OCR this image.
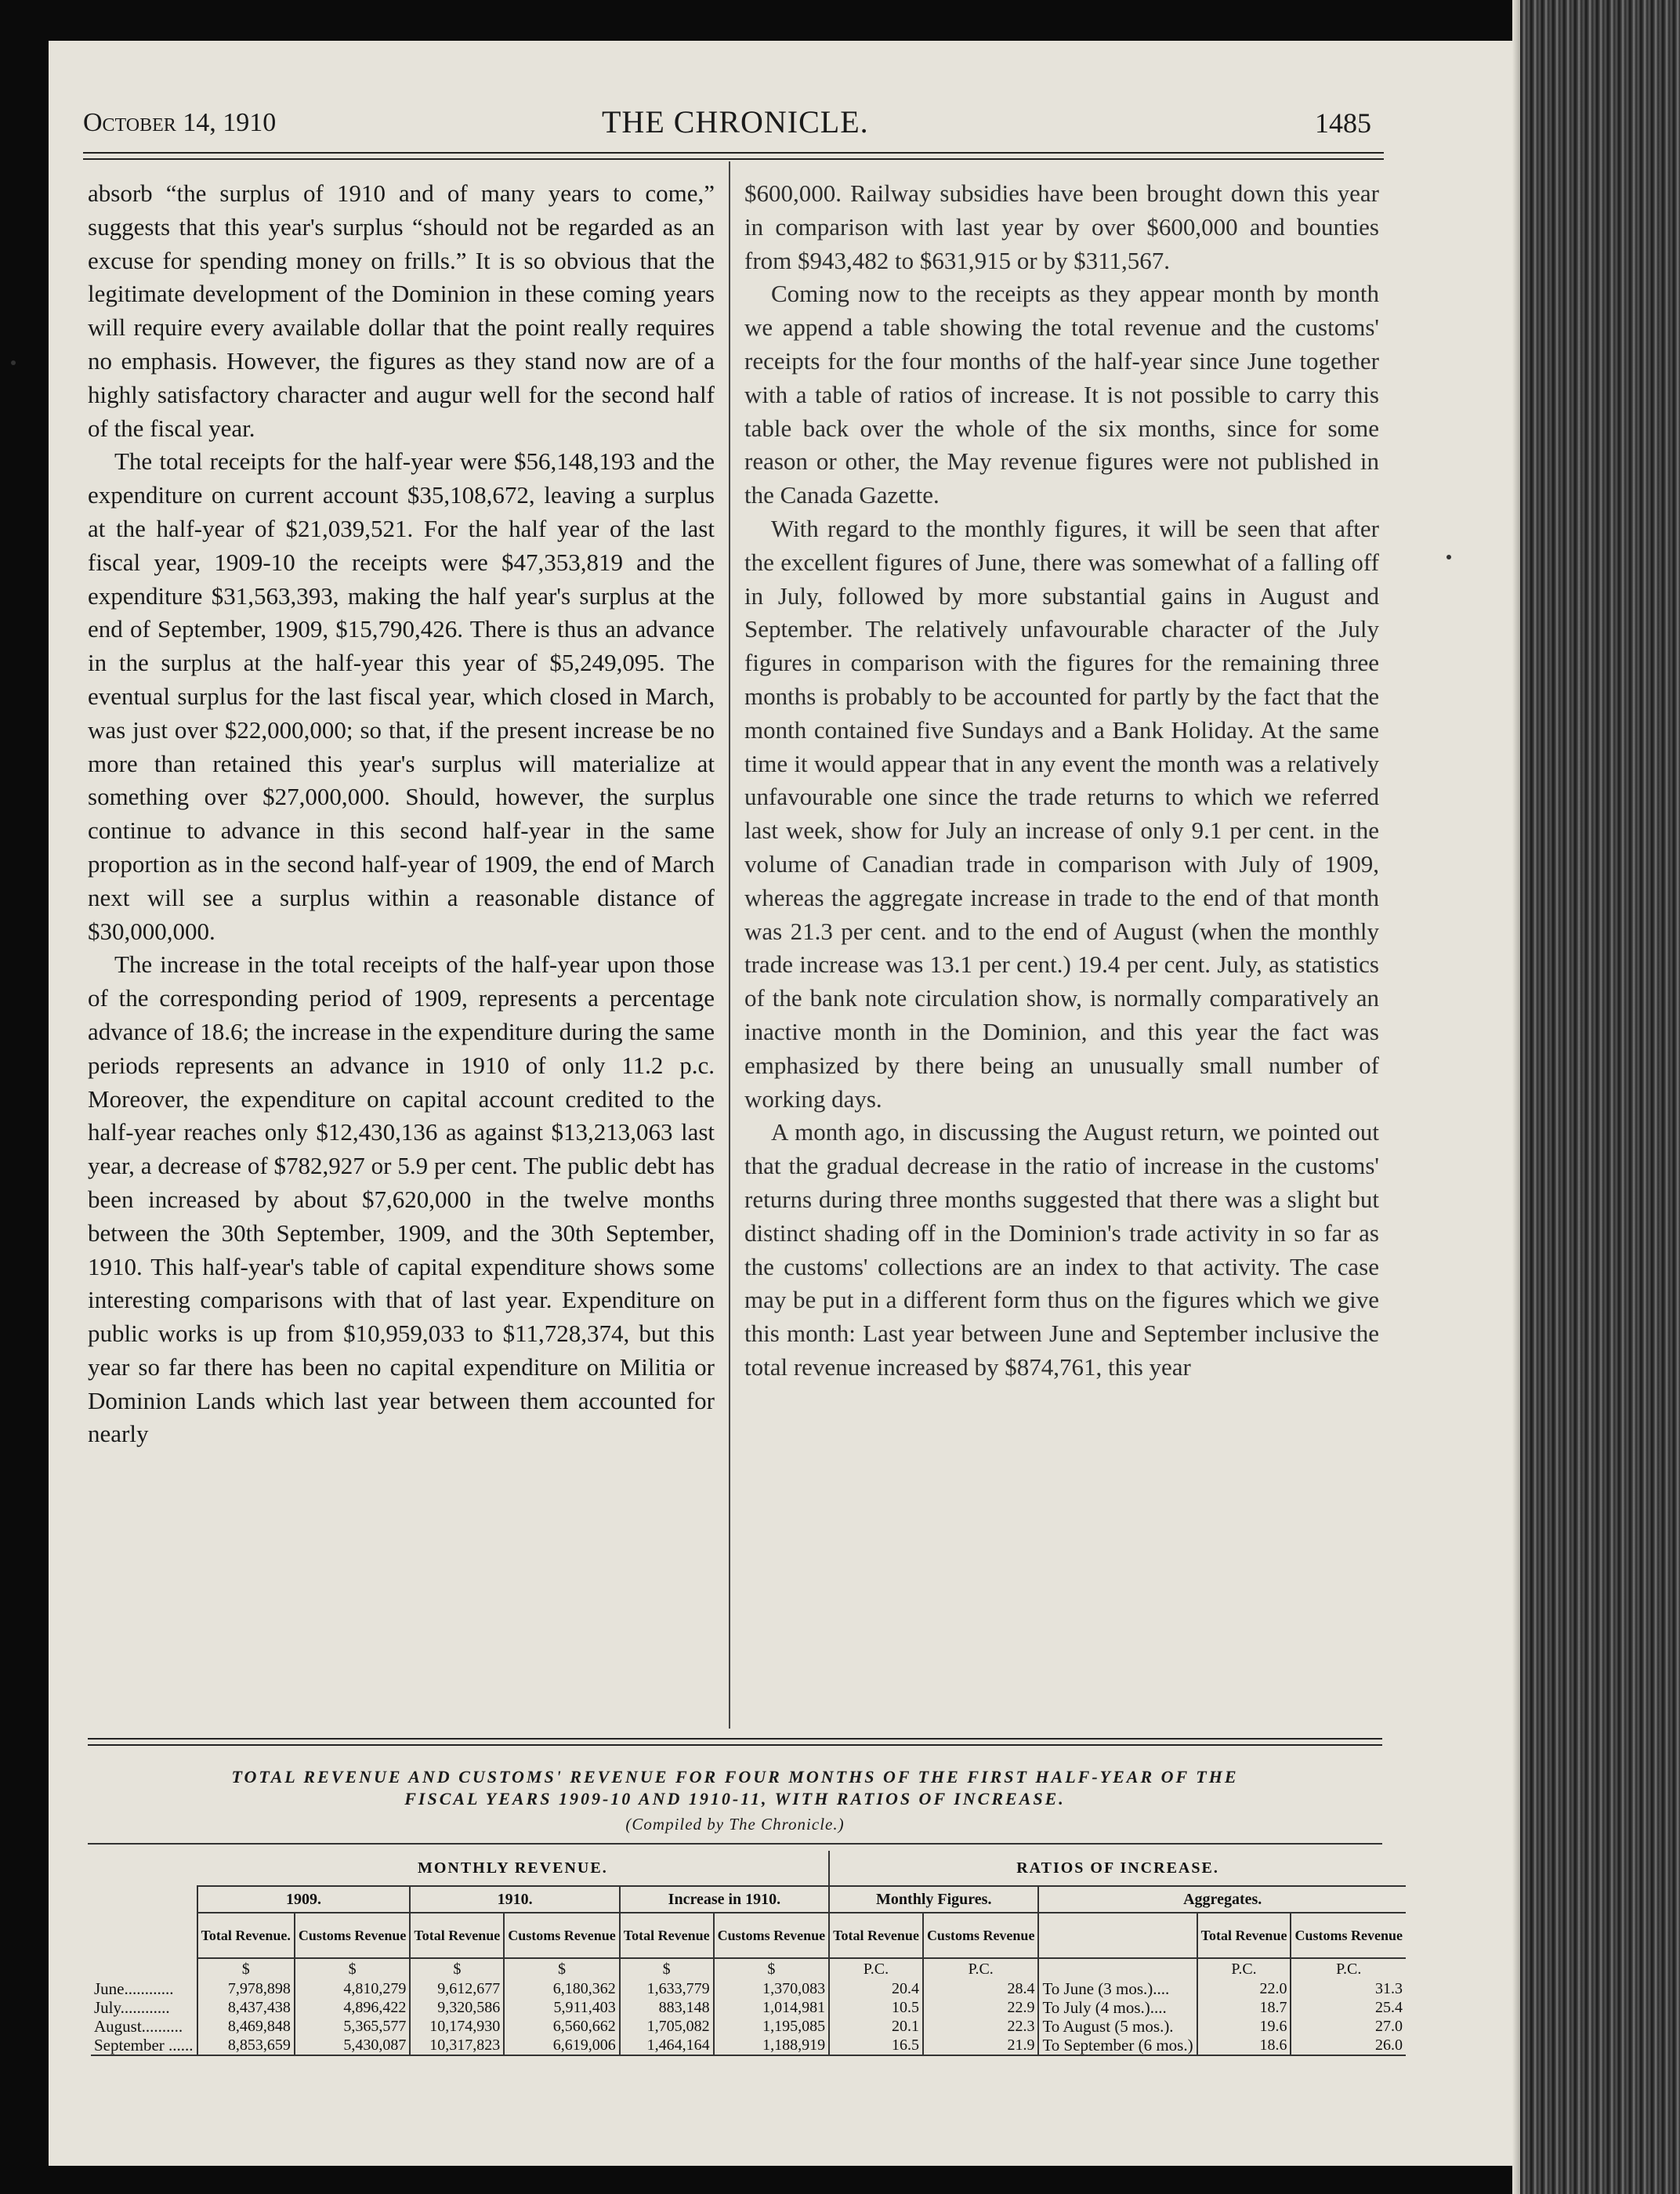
October 14, 1910	THE CHRONICLE.	1485

absorb “the surplus of 1910 and of many years to come,” suggests that this year's surplus “should not be regarded as an excuse for spending money on frills.” It is so obvious that the legitimate development of the Dominion in these coming years will require every available dollar that the point really requires no emphasis. However, the figures as they stand now are of a highly satisfactory character and augur well for the second half of the fiscal year.

The total receipts for the half-year were $56,148,193 and the expenditure on current account $35,108,672, leaving a surplus at the half-year of $21,039,521. For the half year of the last fiscal year, 1909-10 the receipts were $47,353,819 and the expenditure $31,563,393, making the half year's surplus at the end of September, 1909, $15,790,426. There is thus an advance in the surplus at the half-year this year of $5,249,095. The eventual surplus for the last fiscal year, which closed in March, was just over $22,000,000; so that, if the present increase be no more than retained this year's surplus will materialize at something over $27,000,000. Should, however, the surplus continue to advance in this second half-year in the same proportion as in the second half-year of 1909, the end of March next will see a surplus within a reasonable distance of $30,000,000.

The increase in the total receipts of the half-year upon those of the corresponding period of 1909, represents a percentage advance of 18.6; the increase in the expenditure during the same periods represents an advance in 1910 of only 11.2 p.c. Moreover, the expenditure on capital account credited to the half-year reaches only $12,430,136 as against $13,213,063 last year, a decrease of $782,927 or 5.9 per cent. The public debt has been increased by about $7,620,000 in the twelve months between the 30th September, 1909, and the 30th September, 1910. This half-year's table of capital expenditure shows some interesting comparisons with that of last year. Expenditure on public works is up from $10,959,033 to $11,728,374, but this year so far there has been no capital expenditure on Militia or Dominion Lands which last year between them accounted for nearly

$600,000. Railway subsidies have been brought down this year in comparison with last year by over $600,000 and bounties from $943,482 to $631,915 or by $311,567.

Coming now to the receipts as they appear month by month we append a table showing the total revenue and the customs' receipts for the four months of the half-year since June together with a table of ratios of increase. It is not possible to carry this table back over the whole of the six months, since for some reason or other, the May revenue figures were not published in the Canada Gazette.

With regard to the monthly figures, it will be seen that after the excellent figures of June, there was somewhat of a falling off in July, followed by more substantial gains in August and September. The relatively unfavourable character of the July figures in comparison with the figures for the remaining three months is probably to be accounted for partly by the fact that the month contained five Sundays and a Bank Holiday. At the same time it would appear that in any event the month was a relatively unfavourable one since the trade returns to which we referred last week, show for July an increase of only 9.1 per cent. in the volume of Canadian trade in comparison with July of 1909, whereas the aggregate increase in trade to the end of that month was 21.3 per cent. and to the end of August (when the monthly trade increase was 13.1 per cent.) 19.4 per cent. July, as statistics of the bank note circulation show, is normally comparatively an inactive month in the Dominion, and this year the fact was emphasized by there being an unusually small number of working days.

A month ago, in discussing the August return, we pointed out that the gradual decrease in the ratio of increase in the customs' returns during three months suggested that there was a slight but distinct shading off in the Dominion's trade activity in so far as the customs' collections are an index to that activity. The case may be put in a different form thus on the figures which we give this month: Last year between June and September inclusive the total revenue increased by $874,761, this year

TOTAL REVENUE AND CUSTOMS' REVENUE FOR FOUR MONTHS OF THE FIRST HALF-YEAR OF THE
FISCAL YEARS 1909-10 AND 1910-11, WITH RATIOS OF INCREASE.
(Compiled by The Chronicle.)
	MONTHLY REVENUE.						RATIOS OF INCREASE.				
	1909.		1910.		Increase in 1910.		Monthly Figures.		Aggregates.		
	Total Revenue.	Customs Revenue	Total Revenue	Customs Revenue	Total Revenue	Customs Revenue	Total Revenue	Customs Revenue		Total Revenue	Customs Revenue
	$	$	$	$	$	$	P.C.	P.C.		P.C.	P.C.
June............	7,978,898	4,810,279	9,612,677	6,180,362	1,633,779	1,370,083	20.4	28.4	To June (3 mos.)....	22.0	31.3
July............	8,437,438	4,896,422	9,320,586	5,911,403	883,148	1,014,981	10.5	22.9	To July (4 mos.)....	18.7	25.4
August..........	8,469,848	5,365,577	10,174,930	6,560,662	1,705,082	1,195,085	20.1	22.3	To August (5 mos.).	19.6	27.0
September ......	8,853,659	5,430,087	10,317,823	6,619,006	1,464,164	1,188,919	16.5	21.9	To September (6 mos.)	18.6	26.0
